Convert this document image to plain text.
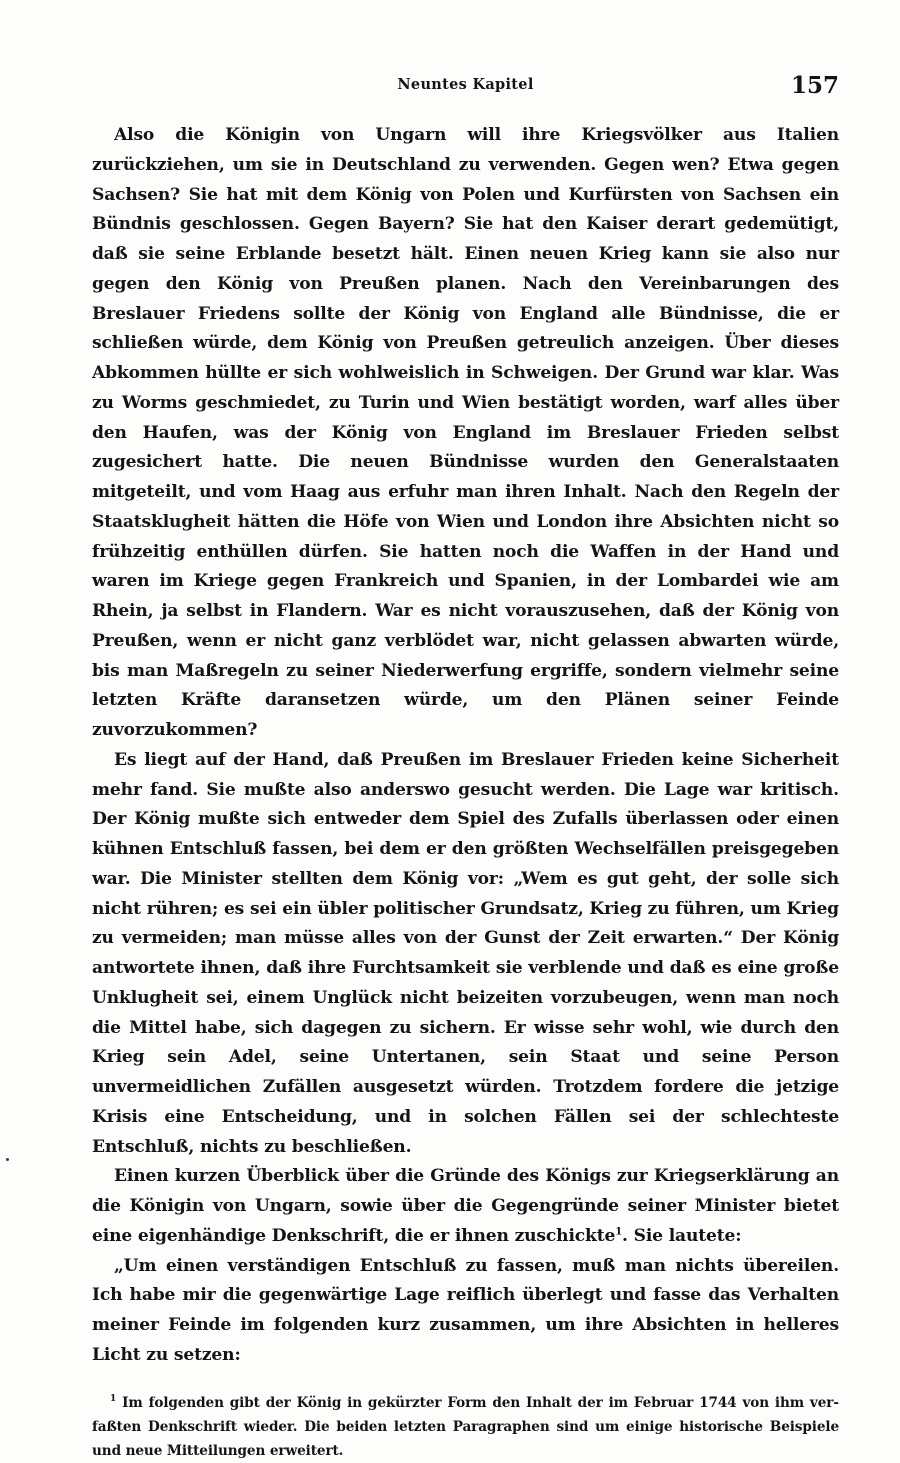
Neuntes Kapitel	157

Also die Königin von Ungarn will ihre Kriegsvölker aus Italien zurückziehen, um sie in Deutschland zu verwenden. Gegen wen? Etwa gegen Sachsen? Sie hat mit dem König von Polen und Kurfürsten von Sachsen ein Bündnis geschlossen. Gegen Bayern? Sie hat den Kaiser derart gedemütigt, daß sie seine Erblande besetzt hält. Einen neuen Krieg kann sie also nur gegen den König von Preußen planen. Nach den Vereinbarungen des Breslauer Friedens sollte der König von England alle Bündnisse, die er schließen würde, dem König von Preußen getreulich anzeigen. Über dieses Abkommen hüllte er sich wohlweislich in Schweigen. Der Grund war klar. Was zu Worms geschmiedet, zu Turin und Wien bestätigt worden, warf alles über den Haufen, was der König von England im Breslauer Frieden selbst zugesichert hatte. Die neuen Bündnisse wurden den Generalstaaten mitgeteilt, und vom Haag aus erfuhr man ihren Inhalt. Nach den Regeln der Staatsklugheit hätten die Höfe von Wien und London ihre Absichten nicht so frühzeitig enthüllen dürfen. Sie hatten noch die Waffen in der Hand und waren im Kriege gegen Frankreich und Spanien, in der Lombardei wie am Rhein, ja selbst in Flandern. War es nicht vorauszusehen, daß der König von Preußen, wenn er nicht ganz verblödet war, nicht gelassen abwarten würde, bis man Maßregeln zu seiner Niederwerfung ergriffe, sondern vielmehr seine letzten Kräfte daransetzen würde, um den Plänen seiner Feinde zuvorzukommen?

Es liegt auf der Hand, daß Preußen im Breslauer Frieden keine Sicherheit mehr fand. Sie mußte also anderswo gesucht werden. Die Lage war kritisch. Der König mußte sich entweder dem Spiel des Zufalls überlassen oder einen kühnen Entschluß fassen, bei dem er den größten Wechselfällen preisgegeben war. Die Minister stellten dem König vor: „Wem es gut geht, der solle sich nicht rühren; es sei ein übler politischer Grundsatz, Krieg zu führen, um Krieg zu vermeiden; man müsse alles von der Gunst der Zeit erwarten.“ Der König antwortete ihnen, daß ihre Furchtsamkeit sie verblende und daß es eine große Unklugheit sei, einem Unglück nicht beizeiten vorzubeugen, wenn man noch die Mittel habe, sich dagegen zu sichern. Er wisse sehr wohl, wie durch den Krieg sein Adel, seine Untertanen, sein Staat und seine Person unvermeidlichen Zufällen ausgesetzt würden. Trotzdem fordere die jetzige Krisis eine Entscheidung, und in solchen Fällen sei der schlechteste Entschluß, nichts zu beschließen.

Einen kurzen Überblick über die Gründe des Königs zur Kriegserklärung an die Königin von Ungarn, sowie über die Gegengründe seiner Minister bietet eine eigenhändige Denkschrift, die er ihnen zuschickte$^1$. Sie lautete:

„Um einen verständigen Entschluß zu fassen, muß man nichts übereilen. Ich habe mir die gegenwärtige Lage reiflich überlegt und fasse das Verhalten meiner Feinde im folgenden kurz zusammen, um ihre Absichten in helleres Licht zu setzen:

$^1$ Im folgenden gibt der König in gekürzter Form den Inhalt der im Februar 1744 von ihm verfaßten Denkschrift wieder. Die beiden letzten Paragraphen sind um einige historische Beispiele und neue Mitteilungen erweitert.
